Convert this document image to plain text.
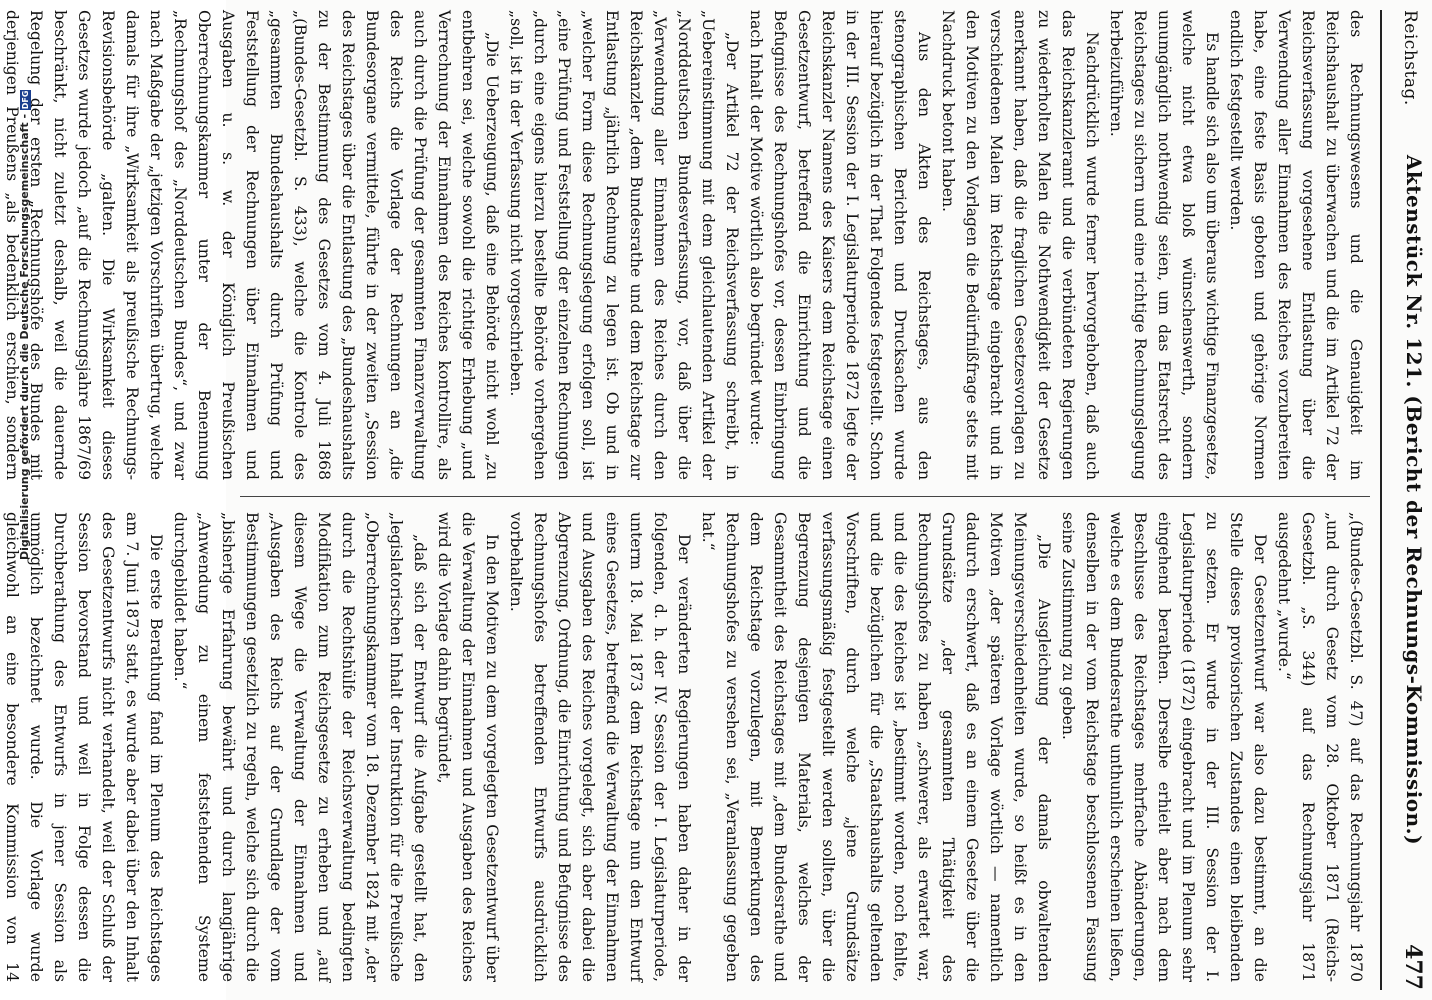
Digitalisierung gefördert durch die Deutsche Forschungsgemeinschaft -DFG	Reichstag.
Aktenstück Nr. 121. (Bericht der Rechnungs-Kommission.)
477

des Rechnungswesens und die Genauigkeit im Reichshaushalt zu überwachen und die im Artikel 72 der Reichsverfassung vorgesehene Entlastung über die Verwendung aller Einnahmen des Reiches vorzubereiten habe, eine feste Basis geboten und gehörige Normen endlich festgestellt werden.

Es handle sich also um überaus wichtige Finanzgesetze, welche nicht etwa bloß wünschenswerth, sondern unumgänglich nothwendig seien, um das Etatsrecht des Reichstages zu sichern und eine richtige Rechnungslegung herbeizuführen.

Nachdrücklich wurde ferner hervorgehoben, daß auch das Reichskanzleramt und die verbündeten Regierungen zu wiederholten Malen die Nothwendigkeit der Gesetze anerkannt haben, daß die fraglichen Gesetzesvorlagen zu verschiedenen Malen im Reichstage eingebracht und in den Motiven zu den Vorlagen die Bedürfnißfrage stets mit Nachdruck betont haben.

Aus den Akten des Reichstages, aus den stenographischen Berichten und Drucksachen wurde hierauf bezüglich in der That Folgendes festgestellt. Schon in der III. Session der I. Legislaturperiode 1872 legte der Reichskanzler Namens des Kaisers dem Reichstage einen Gesetzentwurf, betreffend die Einrichtung und die Befugnisse des Rechnungshofes vor, dessen Einbringung nach Inhalt der Motive wörtlich also begründet wurde:

„Der Artikel 72 der Reichsverfassung schreibt, in „Uebereinstimmung mit dem gleichlautenden Artikel der „Norddeutschen Bundesverfassung, vor, daß über die „Verwendung aller Einnahmen des Reiches durch den Reichskanzler „dem Bundesrathe und dem Reichstage zur Entlastung „jährlich Rechnung zu legen ist. Ob und in „welcher Form diese Rechnungslegung erfolgen soll, ist „eine Prüfung und Feststellung der einzelnen Rechnungen „durch eine eigens hierzu bestellte Behörde vorhergehen „soll, ist in der Verfassung nicht vorgeschrieben.

„Die Ueberzeugung, daß eine Behörde nicht wohl „zu entbehren sei, welche sowohl die richtige Erhebung „und Verrechnung der Einnahmen des Reiches kontrollire, als auch durch die Prüfung der gesammten Finanzverwaltung des Reichs die Vorlage der Rechnungen an „die Bundesorgane vermittele, führte in der zweiten „Session des Reichstages über die Entlastung des „Bundeshaushalts zu der Bestimmung des Gesetzes vom 4. Juli 1868 „(Bundes-Gesetzbl. S. 433), welche die Kontrole des „gesammten Bundeshaushalts durch Prüfung und Feststellung der Rechnungen über Einnahmen und Ausgaben u. s. w. der Königlich Preußischen Oberrechnungskammer unter der Benennung „Rechnungshof des „Norddeutschen Bundes“, und zwar nach Maßgabe der „jetzigen Vorschriften übertrug, welche damals für ihre „Wirksamkeit als preußische Rechnungs-Revisionsbehörde „galten. Die Wirksamkeit dieses Gesetzes wurde jedoch „auf die Rechnungsjahre 1867/69 beschränkt, nicht zuletzt deshalb, weil die dauernde Regelung der ersten „Rechnungshöfe des Bundes mit derjenigen Preußens „als bedenklich erschien, sondern

„(Bundes-Gesetzbl. S. 47) auf das Rechnungsjahr 1870 „und durch Gesetz vom 28. Oktober 1871 (Reichs-Gesetzbl. „S. 344) auf das Rechnungsjahr 1871 ausgedehnt „wurde.“

Der Gesetzentwurf war also dazu bestimmt, an die Stelle dieses provisorischen Zustandes einen bleibenden zu setzen. Er wurde in der III. Session der I. Legislaturperiode (1872) eingebracht und im Plenum sehr eingehend berathen. Derselbe erhielt aber nach dem Beschlusse des Reichstages mehrfache Abänderungen, welche es dem Bundesrathe unthunlich erscheinen ließen, denselben in der vom Reichstage beschlossenen Fassung seine Zustimmung zu geben.

„Die Ausgleichung der damals obwaltenden Meinungsverschiedenheiten wurde, so heißt es in den Motiven „der späteren Vorlage wörtlich — namentlich dadurch erschwert, daß es an einem Gesetze über die Grundsätze „der gesammten Thätigkeit des Rechnungshofes zu haben „schwerer, als erwartet war, und die des Reiches ist „bestimmt worden, noch fehlte, und die bezüglichen für die „Staatshaushalts geltenden Vorschriften, durch welche „jene Grundsätze verfassungsmäßig festgestellt werden sollten, über die Begrenzung desjenigen Materials, welches der Gesammtheit des Reichstages mit „dem Bundesrathe und dem Reichstage vorzulegen, mit Bemerkungen des Rechnungshofes zu versehen sei, „Veranlassung gegeben hat.“

Der veränderten Regierungen haben daher in der folgenden, d. h. der IV. Session der I. Legislaturperiode, unterm 18. Mai 1873 dem Reichstage nun den Entwurf eines Gesetzes, betreffend die Verwaltung der Einnahmen und Ausgaben des Reiches vorgelegt, sich aber dabei die Abgrenzung, Ordnung, die Einrichtung und Befugnisse des Rechnungshofes betreffenden Entwurfs ausdrücklich vorbehalten.

In den Motiven zu dem vorgelegten Gesetzentwurf über die Verwaltung der Einnahmen und Ausgaben des Reiches wird die Vorlage dahin begründet,

„daß sich der Entwurf die Aufgabe gestellt hat, den „legislatorischen Inhalt der Instruktion für die Preußische „Oberrechnungskammer vom 18. Dezember 1824 mit „der durch die Rechtshülfe der Reichsverwaltung bedingten Modifikation zum Reichsgesetze zu erheben und „auf diesem Wege die Verwaltung der Einnahmen und „Ausgaben des Reichs auf der Grundlage der vom Bestimmungen gesetzlich zu regeln, welche sich durch die „bisherige Erfahrung bewährt und durch langjährige „Anwendung zu einem feststehenden Systeme durchgebildet haben.“

Die erste Berathung fand im Plenum des Reichstages am 7. Juni 1873 statt, es wurde aber dabei über den Inhalt des Gesetzentwurfs nicht verhandelt, weil der Schluß der Session bevorstand und weil in Folge dessen die Durchberathung des Entwurfs in jener Session als unmöglich bezeichnet wurde. Die Vorlage wurde gleichwohl an eine besondere Kommission von 14
